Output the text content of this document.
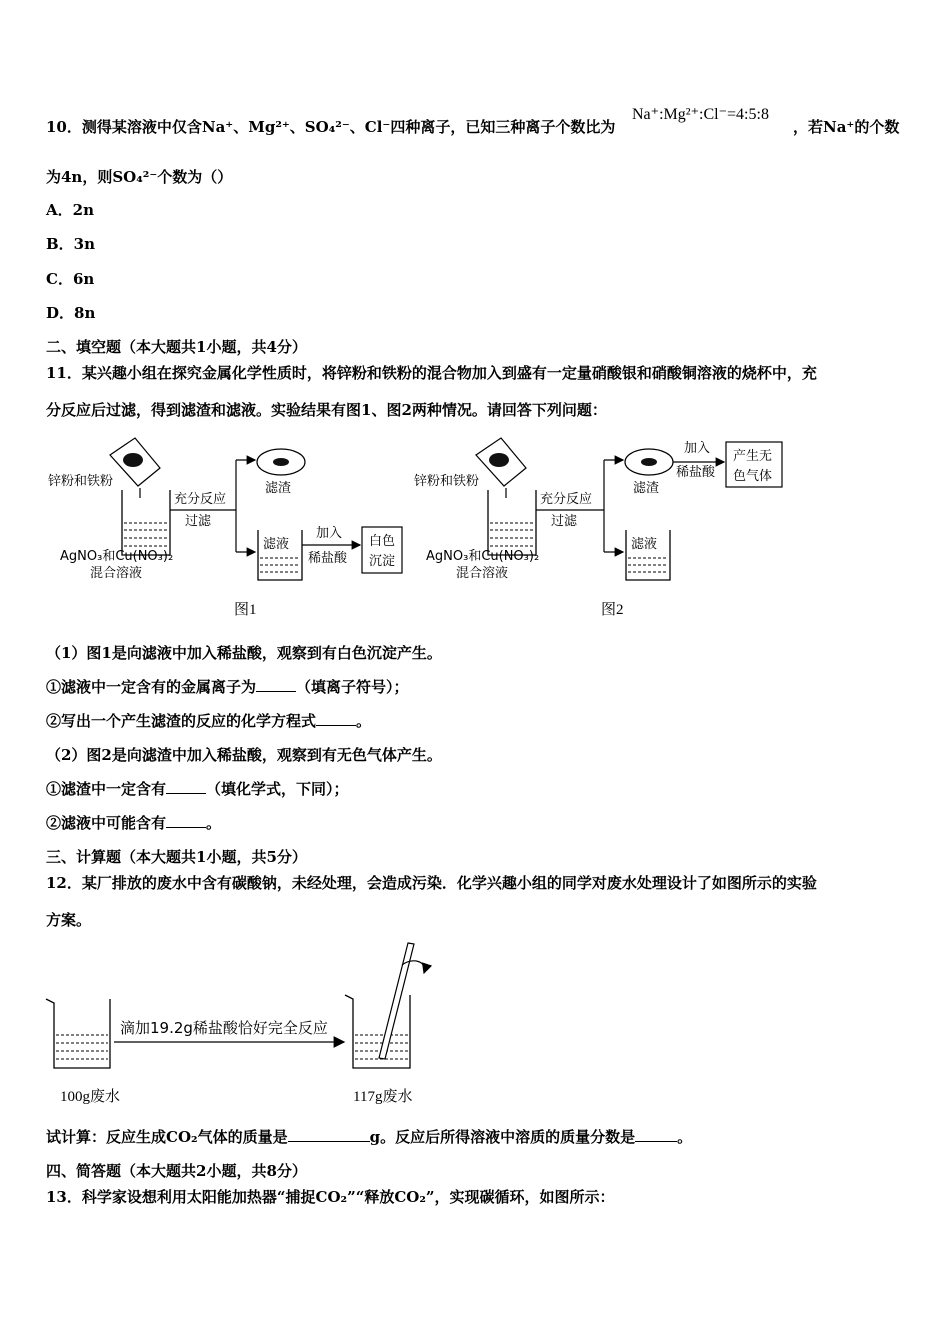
10．测得某溶液中仅含Na⁺、Mg²⁺、SO₄²⁻、Cl⁻四种离子，已知三种离子个数比为
Na⁺:Mg²⁺:Cl⁻=4:5:8
，若Na⁺的个数
为4n，则SO₄²⁻个数为（）
A．2n
B．3n
C．6n
D．8n
二、填空题（本大题共1小题，共4分）
11．某兴趣小组在探究金属化学性质时，将锌粉和铁粉的混合物加入到盛有一定量硝酸银和硝酸铜溶液的烧杯中，充
分反应后过滤，得到滤渣和滤液。实验结果有图1、图2两种情况。请回答下列问题：
锌粉和铁粉
AgNO₃和Cu(NO₃)₂
混合溶液
充分反应
过滤
滤渣
滤液
加入
稀盐酸
白色
沉淀
锌粉和铁粉
AgNO₃和Cu(NO₃)₂
混合溶液
充分反应
过滤
滤渣
加入
稀盐酸
产生无
色气体
滤液
图1	图2
（1）图1是向滤液中加入稀盐酸，观察到有白色沉淀产生。
①滤液中一定含有的金属离子为	（填离子符号）；
②写出一个产生滤渣的反应的化学方程式	。
（2）图2是向滤渣中加入稀盐酸，观察到有无色气体产生。
①滤渣中一定含有	（填化学式，下同）；
②滤液中可能含有	。
三、计算题（本大题共1小题，共5分）
12．某厂排放的废水中含有碳酸钠，未经处理，会造成污染．化学兴趣小组的同学对废水处理设计了如图所示的实验
方案。
滴加19.2g稀盐酸恰好完全反应
100g废水	117g废水
试计算：反应生成CO₂气体的质量是	g。反应后所得溶液中溶质的质量分数是	。
四、简答题（本大题共2小题，共8分）
13．科学家设想利用太阳能加热器“捕捉CO₂”“释放CO₂”，实现碳循环，如图所示：
